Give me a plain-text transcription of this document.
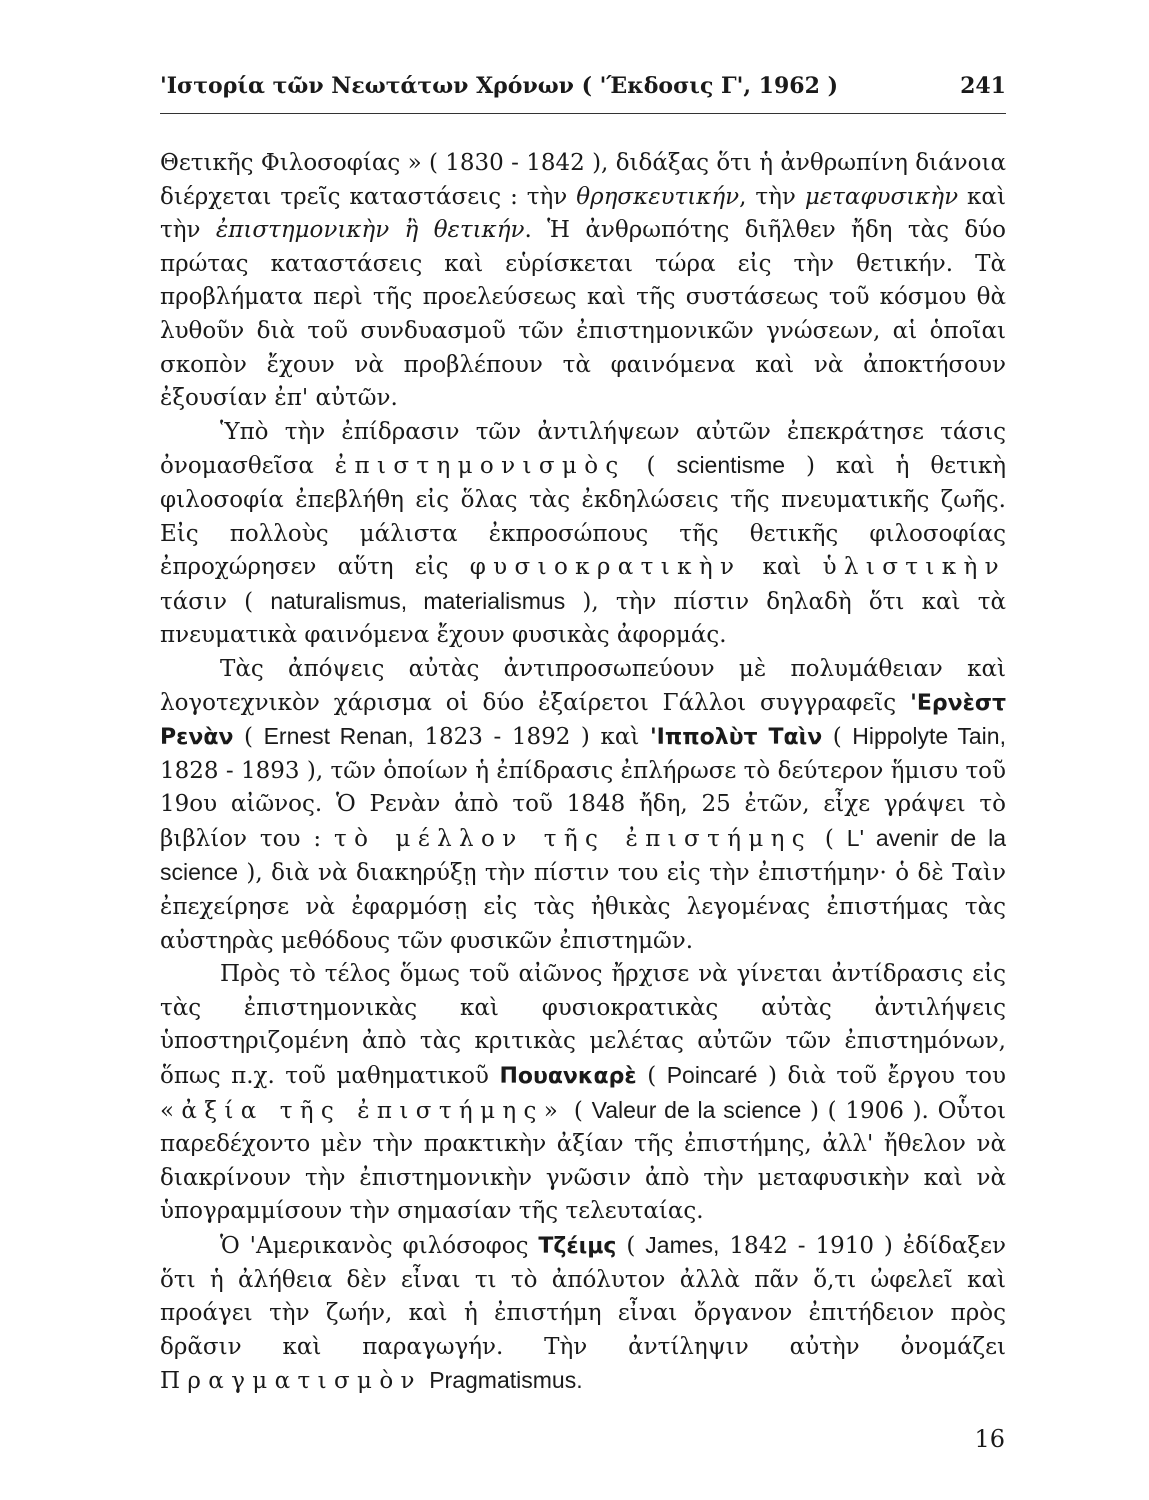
'Ιστορία τῶν Νεωτάτων Χρόνων ( 'Έκδοσις Γ', 1962 )	241

Θετικῆς Φιλοσοφίας » ( 1830 - 1842 ), διδάξας ὅτι ἡ ἀνθρωπίνη διάνοια διέρχεται τρεῖς καταστάσεις : τὴν θρησκευτικήν, τὴν μεταφυσικὴν καὶ τὴν ἐπιστημονικὴν ἢ θετικήν. Ἡ ἀνθρωπότης διῆλθεν ἤδη τὰς δύο πρώτας καταστάσεις καὶ εὑρίσκεται τώρα εἰς τὴν θετικήν. Τὰ προβλήματα περὶ τῆς προελεύσεως καὶ τῆς συστάσεως τοῦ κόσμου θὰ λυθοῦν διὰ τοῦ συνδυασμοῦ τῶν ἐπιστημονικῶν γνώσεων, αἱ ὁποῖαι σκοπὸν ἔχουν νὰ προβλέπουν τὰ φαινόμενα καὶ νὰ ἀποκτήσουν ἐξουσίαν ἐπ' αὐτῶν.

Ὑπὸ τὴν ἐπίδρασιν τῶν ἀντιλήψεων αὐτῶν ἐπεκράτησε τάσις ὀνομασθεῖσα ἐπιστημονισμὸς ( scientisme ) καὶ ἡ θετικὴ φιλοσοφία ἐπεβλήθη εἰς ὅλας τὰς ἐκδηλώσεις τῆς πνευματικῆς ζωῆς. Εἰς πολλοὺς μάλιστα ἐκπροσώπους τῆς θετικῆς φιλοσοφίας ἐπροχώρησεν αὕτη εἰς φυσιοκρατικὴν καὶ ὑλιστικὴν τάσιν ( naturalismus, materialismus ), τὴν πίστιν δηλαδὴ ὅτι καὶ τὰ πνευματικὰ φαινόμενα ἔχουν φυσικὰς ἀφορμάς.

Τὰς ἀπόψεις αὐτὰς ἀντιπροσωπεύουν μὲ πολυμάθειαν καὶ λογοτεχνικὸν χάρισμα οἱ δύο ἐξαίρετοι Γάλλοι συγγραφεῖς 'Ερνὲστ Ρενὰν ( Ernest Renan, 1823 - 1892 ) καὶ 'Ιππολὺτ Ταὶν ( Hippolyte Tain, 1828 - 1893 ), τῶν ὁποίων ἡ ἐπίδρασις ἐπλήρωσε τὸ δεύτερον ἥμισυ τοῦ 19ου αἰῶνος. Ὁ Ρενὰν ἀπὸ τοῦ 1848 ἤδη, 25 ἐτῶν, εἶχε γράψει τὸ βιβλίον του : τὸ μέλλον τῆς ἐπιστήμης ( L' avenir de la science ), διὰ νὰ διακηρύξῃ τὴν πίστιν του εἰς τὴν ἐπιστήμην· ὁ δὲ Ταὶν ἐπεχείρησε νὰ ἐφαρμόσῃ εἰς τὰς ἠθικὰς λεγομένας ἐπιστήμας τὰς αὐστηρὰς μεθόδους τῶν φυσικῶν ἐπιστημῶν.

Πρὸς τὸ τέλος ὅμως τοῦ αἰῶνος ἤρχισε νὰ γίνεται ἀντίδρασις εἰς τὰς ἐπιστημονικὰς καὶ φυσιοκρατικὰς αὐτὰς ἀντιλήψεις ὑποστηριζομένη ἀπὸ τὰς κριτικὰς μελέτας αὐτῶν τῶν ἐπιστημόνων, ὅπως π.χ. τοῦ μαθηματικοῦ Πουανκαρὲ ( Poincaré ) διὰ τοῦ ἔργου του «ἀξία τῆς ἐπιστήμης» ( Valeur de la science ) ( 1906 ). Οὗτοι παρεδέχοντο μὲν τὴν πρακτικὴν ἀξίαν τῆς ἐπιστήμης, ἀλλ' ἤθελον νὰ διακρίνουν τὴν ἐπιστημονικὴν γνῶσιν ἀπὸ τὴν μεταφυσικὴν καὶ νὰ ὑπογραμμίσουν τὴν σημασίαν τῆς τελευταίας.

Ὁ 'Αμερικανὸς φιλόσοφος Τζέιμς ( James, 1842 - 1910 ) ἐδίδαξεν ὅτι ἡ ἀλήθεια δὲν εἶναι τι τὸ ἀπόλυτον ἀλλὰ πᾶν ὅ,τι ὠφελεῖ καὶ προάγει τὴν ζωήν, καὶ ἡ ἐπιστήμη εἶναι ὄργανον ἐπιτήδειον πρὸς δρᾶσιν καὶ παραγωγήν. Τὴν ἀντίληψιν αὐτὴν ὀνομάζει Πραγματισμὸν Pragmatismus.

16
